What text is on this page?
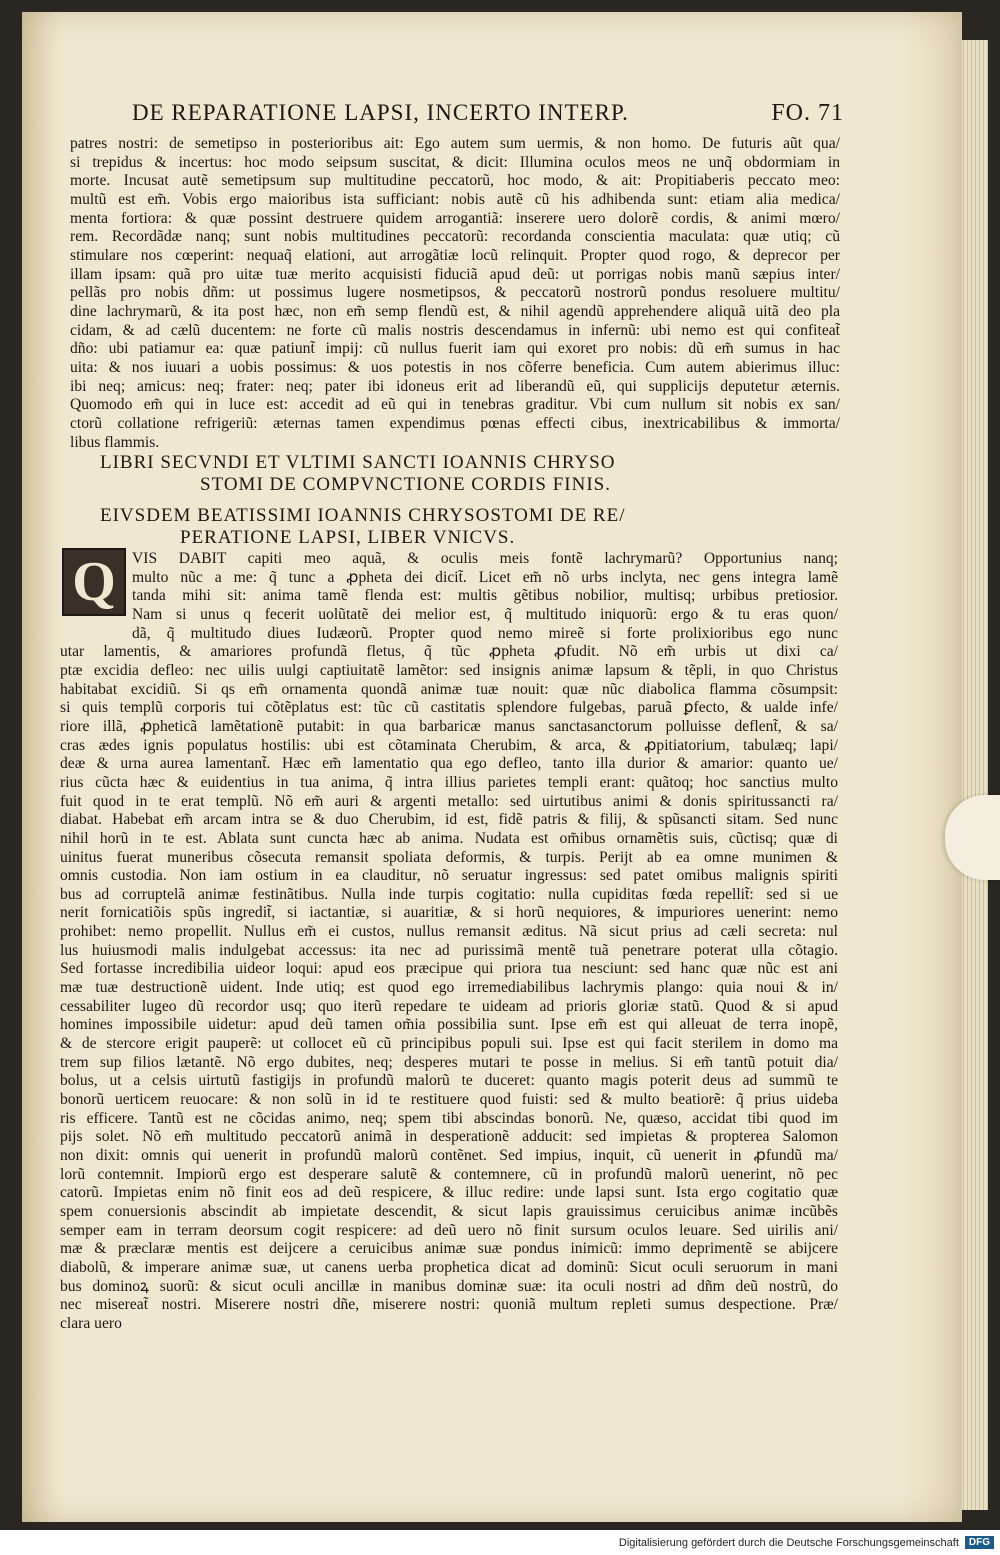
DE REPARATIONE LAPSI, INCERTO INTERP.	FO. 71
patres nostri: de semetipso in posterioribus ait: Ego autem sum uermis, & non homo. De futuris aũt qua/
si trepidus & incertus: hoc modo seipsum suscitat, & dicit: Illumina oculos meos ne unq̃ obdormiam in
morte. Incusat autẽ semetipsum sup multitudine peccatorũ, hoc modo, & ait: Propitiaberis peccato meo:
multũ est em̃. Vobis ergo maioribus ista sufficiant: nobis autẽ cũ his adhibenda sunt: etiam alia medica/
menta fortiora: & quæ possint destruere quidem arrogantiã: inserere uero dolorẽ cordis, & animi mœro/
rem. Recordãdæ nanq; sunt nobis multitudines peccatorũ: recordanda conscientia maculata: quæ utiq; cũ
stimulare nos cœperint: nequaq̃ elationi, aut arrogãtiæ locũ relinquit. Propter quod rogo, & deprecor per
illam ipsam: quã pro uitæ tuæ merito acquisisti fiduciã apud deũ: ut porrigas nobis manũ sæpius inter/
pellãs pro nobis dñm: ut possimus lugere nosmetipsos, & peccatorũ nostrorũ pondus resoluere multitu/
dine lachrymarũ, & ita post hæc, non em̃ semp flendũ est, & nihil agendũ apprehendere aliquã uitã deo pla
cidam, & ad cælũ ducentem: ne forte cũ malis nostris descendamus in infernũ: ubi nemo est qui confiteat̃
dño: ubi patiamur ea: quæ patiunt̃ impij: cũ nullus fuerit iam qui exoret pro nobis: dũ em̃ sumus in hac
uita: & nos iuuari a uobis possimus: & uos potestis in nos cõferre beneficia. Cum autem abierimus illuc:
ibi neq; amicus: neq; frater: neq; pater ibi idoneus erit ad liberandũ eũ, qui supplicijs deputetur æternis.
Quomodo em̃ qui in luce est: accedit ad eũ qui in tenebras graditur. Vbi cum nullum sit nobis ex san/
ctorũ collatione refrigeriũ: æternas tamen expendimus pœnas effecti cibus, inextricabilibus & immorta/
libus flammis.
LIBRI SECVNDI ET VLTIMI SANCTI IOANNIS CHRYSO
STOMI DE COMPVNCTIONE CORDIS FINIS.
EIVSDEM BEATISSIMI IOANNIS CHRYSOSTOMI DE RE/
PERATIONE LAPSI, LIBER VNICVS.
VIS DABIT capiti meo aquã, & oculis meis fontẽ lachrymarũ? Opportunius nanq;
multo nũc a me: q̃ tunc a ꝓpheta dei dicit̃. Licet em̃ nõ urbs inclyta, nec gens integra lamẽ
tanda mihi sit: anima tamẽ flenda est: multis gẽtibus nobilior, multisq; urbibus pretiosior.
Nam si unus q fecerit uolũtatẽ dei melior est, q̃ multitudo iniquorũ: ergo & tu eras quon/
dã, q̃ multitudo diues Iudæorũ. Propter quod nemo mireẽ si forte prolixioribus ego nunc
utar lamentis, & amariores profundã fletus, q̃ tũc ꝓpheta ꝓfudit. Nõ em̃ urbis ut dixi ca/
ptæ excidia defleo: nec uilis uulgi captiuitatẽ lamẽtor: sed insignis animæ lapsum & tẽpli, in quo Christus
habitabat excidiũ. Si qs em̃ ornamenta quondã animæ tuæ nouit: quæ nũc diabolica flamma cõsumpsit:
si quis templũ corporis tui cõtẽplatus est: tũc cũ castitatis splendore fulgebas, paruã ꝑfecto, & ualde infe/
riore illã, ꝓpheticã lamẽtationẽ putabit: in qua barbaricæ manus sanctasanctorum polluisse deflent̃, & sa/
cras ædes ignis populatus hostilis: ubi est cõtaminata Cherubim, & arca, & ꝓpitiatorium, tabulæq; lapi/
deæ & urna aurea lamentant̃. Hæc em̃ lamentatio qua ego defleo, tanto illa durior & amarior: quanto ue/
rius cũcta hæc & euidentius in tua anima, q̃ intra illius parietes templi erant: quãtoq; hoc sanctius multo
fuit quod in te erat templũ. Nõ em̃ auri & argenti metallo: sed uirtutibus animi & donis spiritussancti ra/
diabat. Habebat em̃ arcam intra se & duo Cherubim, id est, fidẽ patris & filij, & spũsancti sitam. Sed nunc
nihil horũ in te est. Ablata sunt cuncta hæc ab anima. Nudata est om̃ibus ornamẽtis suis, cũctisq; quæ di
uinitus fuerat muneribus cõsecuta remansit spoliata deformis, & turpis. Perijt ab ea omne munimen &
omnis custodia. Non iam ostium in ea clauditur, nõ seruatur ingressus: sed patet omibus malignis spiriti
bus ad corruptelã animæ festinãtibus. Nulla inde turpis cogitatio: nulla cupiditas fœda repellit̃: sed si ue
nerit fornicatiõis spũs ingredit̃, si iactantiæ, si auaritiæ, & si horũ nequiores, & impuriores uenerint: nemo
prohibet: nemo propellit. Nullus em̃ ei custos, nullus remansit æditus. Nã sicut prius ad cæli secreta: nul
lus huiusmodi malis indulgebat accessus: ita nec ad purissimã mentẽ tuã penetrare poterat ulla cõtagio.
Sed fortasse incredibilia uideor loqui: apud eos præcipue qui priora tua nesciunt: sed hanc quæ nũc est ani
mæ tuæ destructionẽ uident. Inde utiq; est quod ego irremediabilibus lachrymis plango: quia noui & in/
cessabiliter lugeo dũ recordor usq; quo iterũ repedare te uideam ad prioris gloriæ statũ. Quod & si apud
homines impossibile uidetur: apud deũ tamen om̃ia possibilia sunt. Ipse em̃ est qui alleuat de terra inopẽ,
& de stercore erigit pauperẽ: ut collocet eũ cũ principibus populi sui. Ipse est qui facit sterilem in domo ma
trem sup filios lætantẽ. Nõ ergo dubites, neq; desperes mutari te posse in melius. Si em̃ tantũ potuit dia/
bolus, ut a celsis uirtutũ fastigijs in profundũ malorũ te duceret: quanto magis poterit deus ad summũ te
bonorũ uerticem reuocare: & non solũ in id te restituere quod fuisti: sed & multo beatiorẽ: q̃ prius uideba
ris efficere. Tantũ est ne cõcidas animo, neq; spem tibi abscindas bonorũ. Ne, quæso, accidat tibi quod im
pijs solet. Nõ em̃ multitudo peccatorũ animã in desperationẽ adducit: sed impietas & propterea Salomon
non dixit: omnis qui uenerit in profundũ malorũ contẽnet. Sed impius, inquit, cũ uenerit in ꝓfundũ ma/
lorũ contemnit. Impiorũ ergo est desperare salutẽ & contemnere, cũ in profundũ malorũ uenerint, nõ pec
catorũ. Impietas enim nõ finit eos ad deũ respicere, & illuc redire: unde lapsi sunt. Ista ergo cogitatio quæ
spem conuersionis abscindit ab impietate descendit, & sicut lapis grauissimus ceruicibus animæ incũbẽs
semper eam in terram deorsum cogit respicere: ad deũ uero nõ finit sursum oculos leuare. Sed uirilis ani/
mæ & præclaræ mentis est deijcere a ceruicibus animæ suæ pondus inimicũ: immo deprimentẽ se abijcere
diabolũ, & imperare animæ suæ, ut canens uerba prophetica dicat ad dominũ: Sicut oculi seruorum in mani
bus dominoꝝ suorũ: & sicut oculi ancillæ in manibus dominæ suæ: ita oculi nostri ad dñm deũ nostrũ, do
nec misereat̃ nostri. Miserere nostri dñe, miserere nostri: quoniã multum repleti sumus despectione. Præ/
clara uero
Q
Digitalisierung gefördert durch die Deutsche Forschungsgemeinschaft	DFG
